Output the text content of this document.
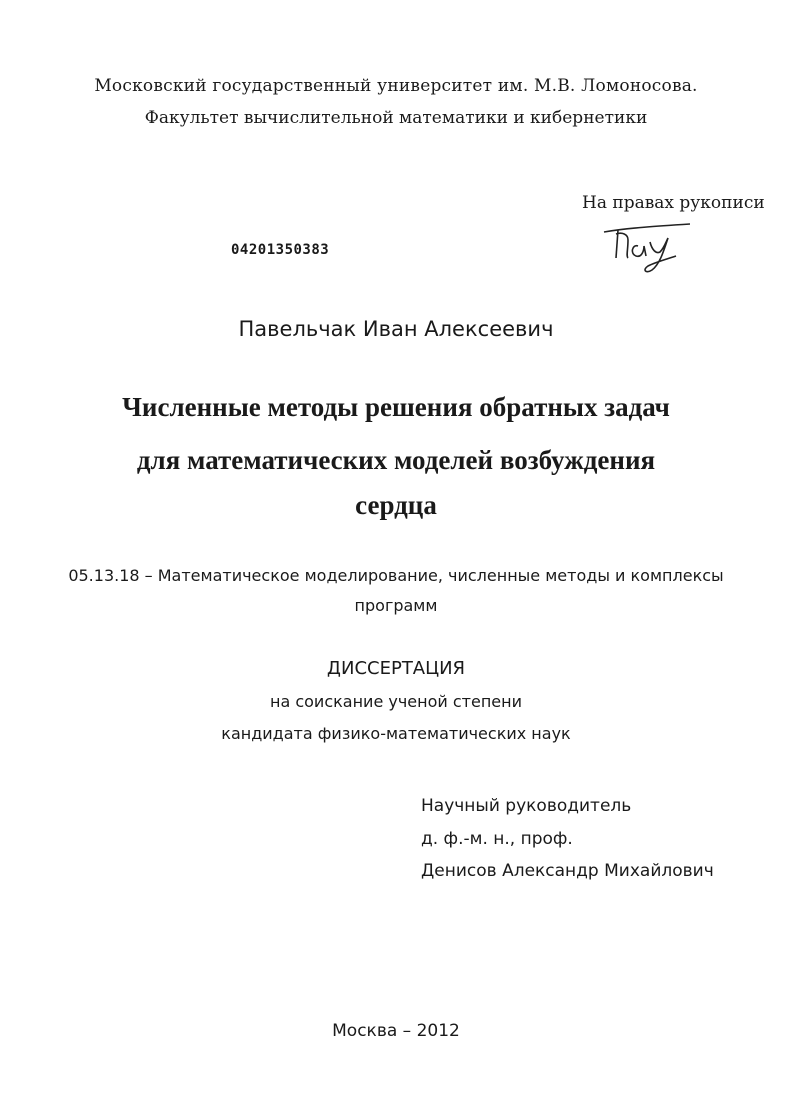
Московский государственный университет им. М.В. Ломоносова.
Факультет вычислительной математики и кибернетики
На правах рукописи
04201350383
Павельчак Иван Алексеевич
Численные методы решения обратных задач
для математических моделей возбуждения
сердца
05.13.18 – Математическое моделирование, численные методы и комплексы
программ
ДИССЕРТАЦИЯ
на соискание ученой степени
кандидата физико-математических наук
Научный руководитель
д. ф.-м. н., проф.
Денисов Александр Михайлович
Москва – 2012
